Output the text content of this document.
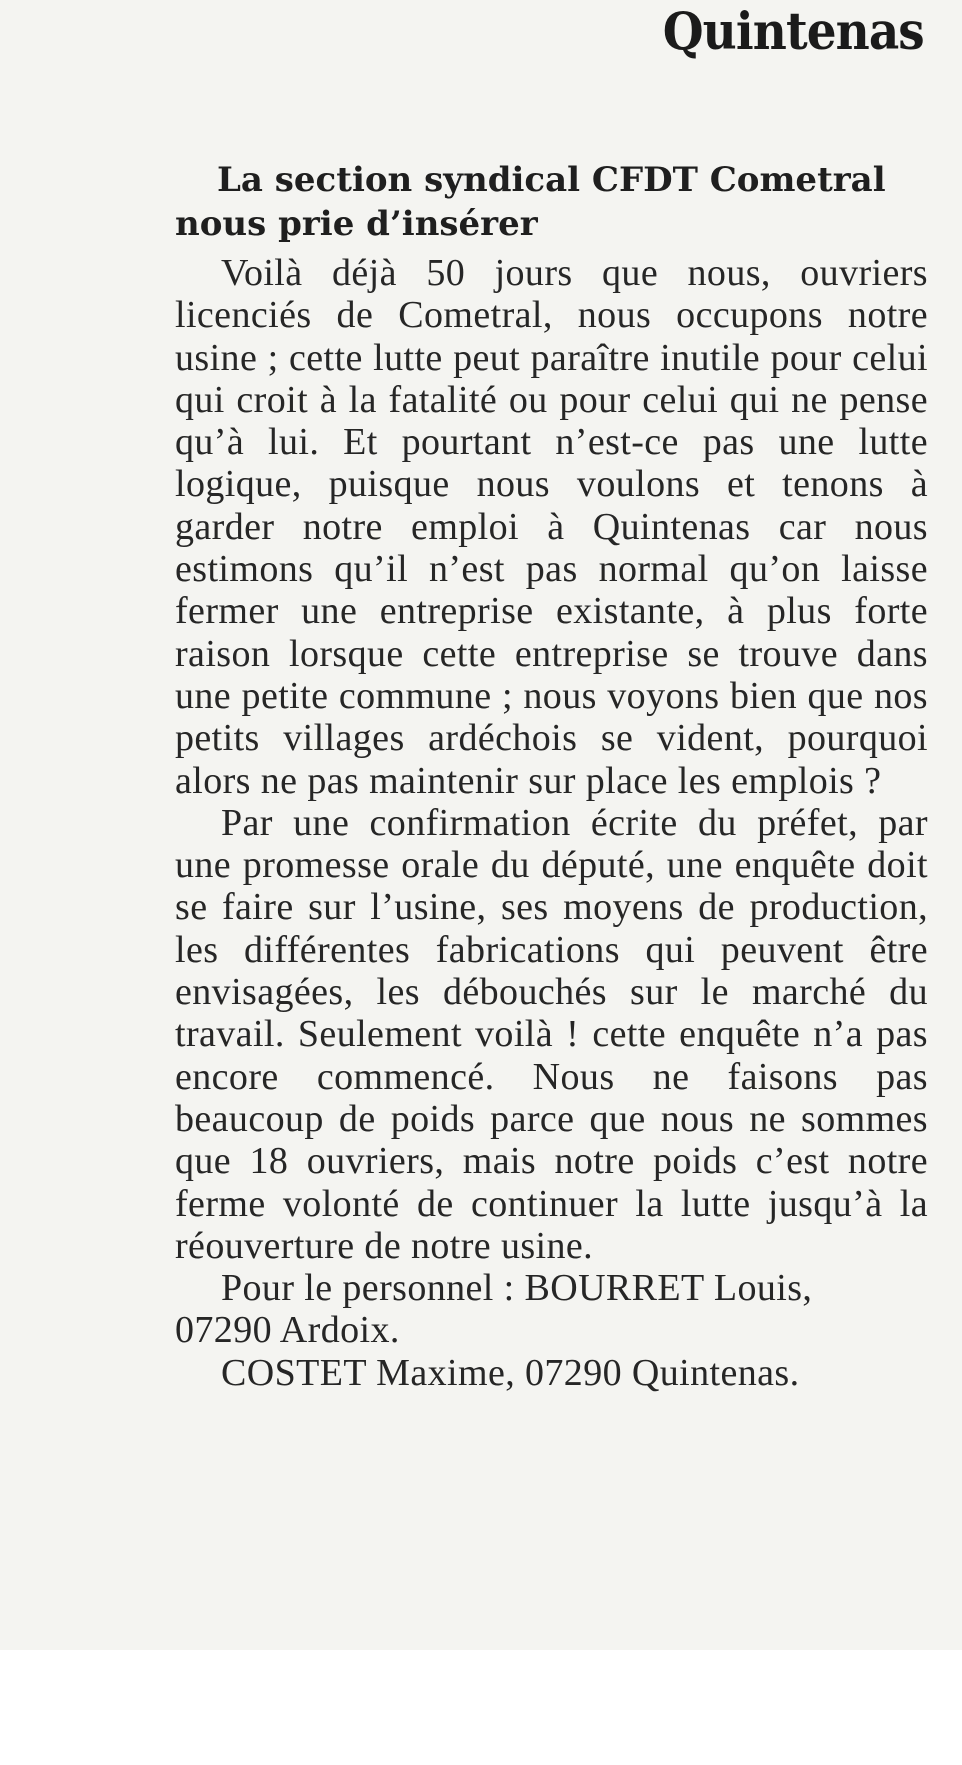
Quintenas

La section syndical CFDT Cometral
nous prie d’insérer

Voilà déjà 50 jours que nous, ouvriers licenciés de Cometral, nous occupons notre usine ; cette lutte peut paraître inutile pour celui qui croit à la fatalité ou pour celui qui ne pense qu’à lui. Et pourtant n’est-ce pas une lutte logique, puisque nous voulons et tenons à garder notre emploi à Quintenas car nous estimons qu’il n’est pas normal qu’on laisse fermer une entreprise existante, à plus forte raison lorsque cette entreprise se trouve dans une petite commune ; nous voyons bien que nos petits villages ardéchois se vident, pourquoi alors ne pas maintenir sur place les emplois ?

Par une confirmation écrite du préfet, par une promesse orale du député, une enquête doit se faire sur l’usine, ses moyens de production, les différentes fabrications qui peuvent être envisagées, les débouchés sur le marché du travail. Seulement voilà ! cette enquête n’a pas encore commencé. Nous ne faisons pas beaucoup de poids parce que nous ne sommes que 18 ouvriers, mais notre poids c’est notre ferme volonté de continuer la lutte jusqu’à la réouverture de notre usine.

Pour le personnel : BOURRET Louis,
07290 Ardoix.
COSTET Maxime, 07290 Quintenas.
